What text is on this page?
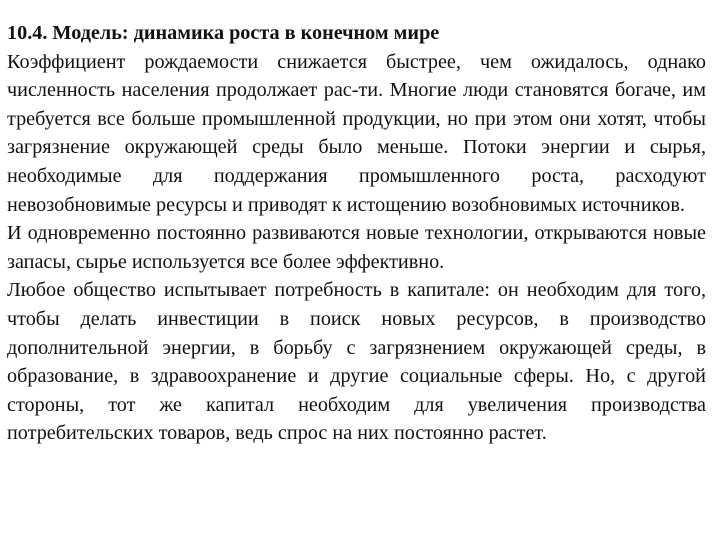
10.4. Модель: динамика роста в конечном мире

Коэффициент рождаемости снижается быстрее, чем ожидалось, однако численность населения продолжает рас-ти. Многие люди становятся богаче, им требуется все больше промышленной продукции, но при этом они хотят, чтобы загрязнение окружающей среды было меньше. Потоки энергии и сырья, необходимые для поддержания промышленного роста, расходуют невозобновимые ресурсы и приводят к истощению возобновимых источников.

И одновременно постоянно развиваются новые технологии, открываются новые запасы, сырье используется все более эффективно.

Любое общество испытывает потребность в капитале: он необходим для того, чтобы делать инвестиции в поиск новых ресурсов, в производство дополнительной энергии, в борьбу с загрязнением окружающей среды, в образование, в здравоохранение и другие социальные сферы. Но, с другой стороны, тот же капитал необходим для увеличения производства потребительских товаров, ведь спрос на них постоянно растет.
